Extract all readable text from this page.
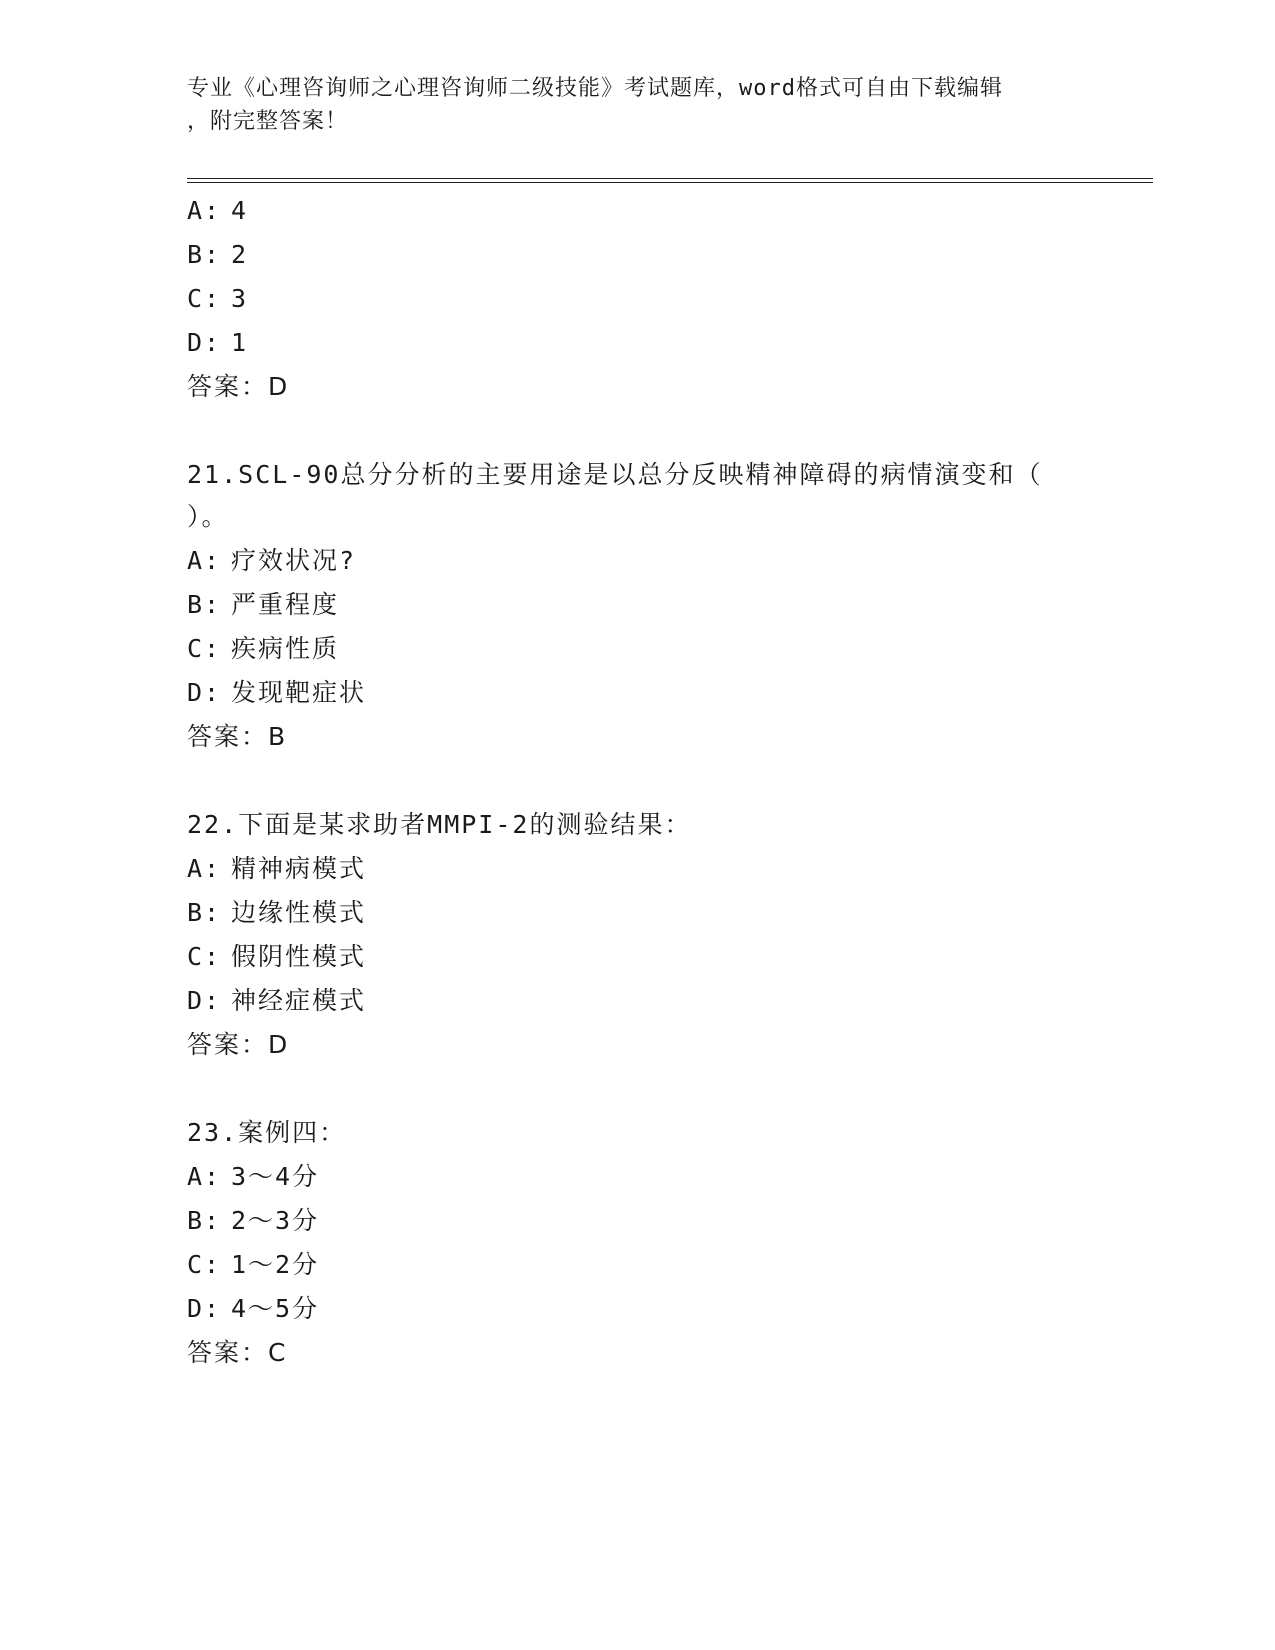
专业《心理咨询师之心理咨询师二级技能》考试题库，word格式可自由下载编辑
，附完整答案！
A: 4
B: 2
C: 3
D: 1
答案：D
21.SCL-90总分分析的主要用途是以总分反映精神障碍的病情演变和（
）。
A: 疗效状况?
B: 严重程度
C: 疾病性质
D: 发现靶症状
答案：B
22.下面是某求助者MMPI-2的测验结果：
A: 精神病模式
B: 边缘性模式
C: 假阴性模式
D: 神经症模式
答案：D
23.案例四：
A: 3～4分
B: 2～3分
C: 1～2分
D: 4～5分
答案：C
